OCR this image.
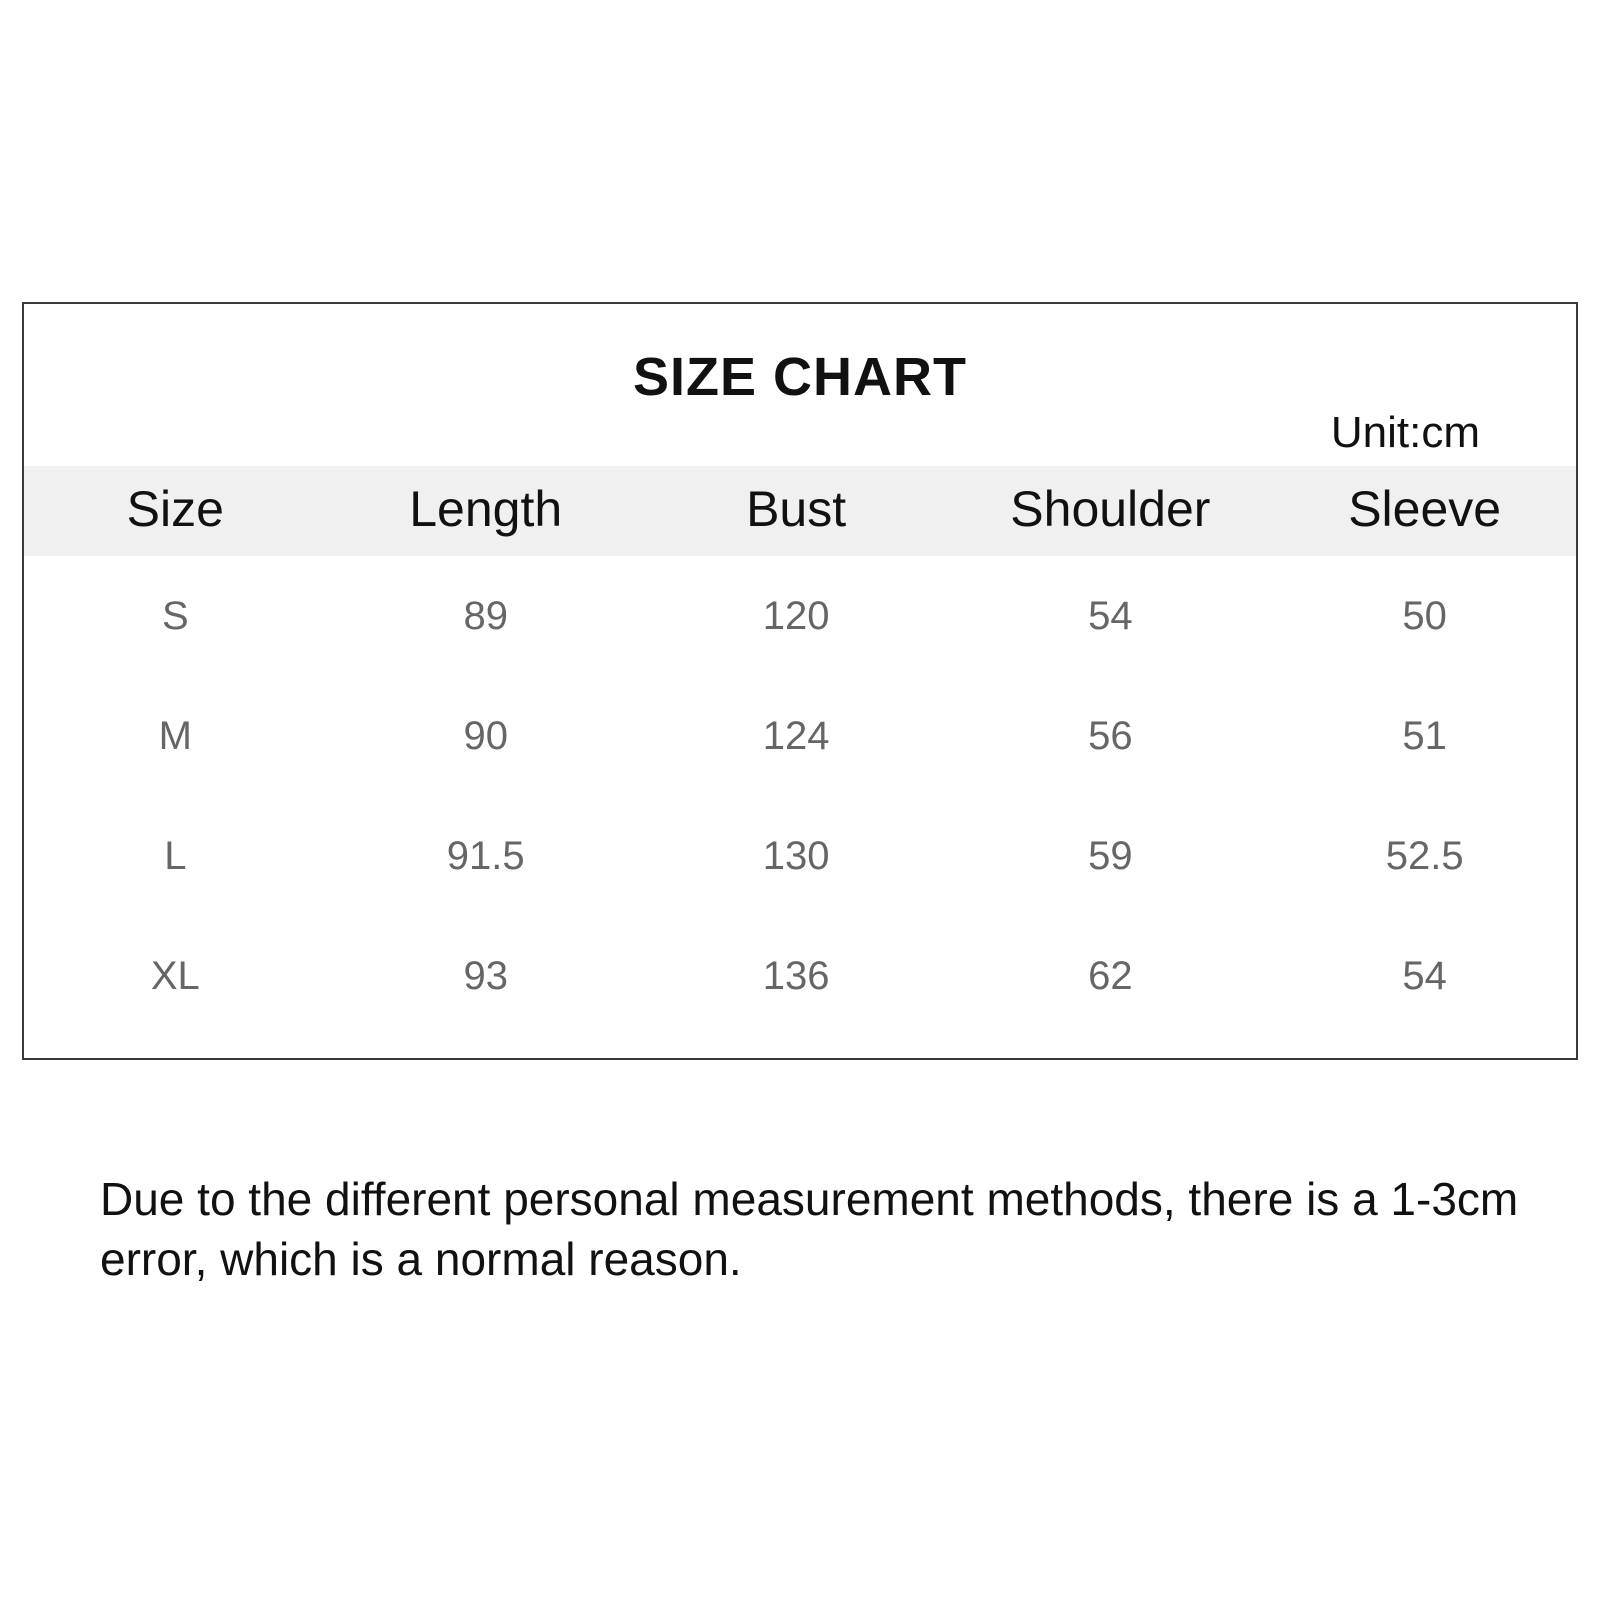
SIZE CHART
Unit:cm
Size	Length	Bust	Shoulder	Sleeve
S	89	120	54	50
M	90	124	56	51
L	91.5	130	59	52.5
XL	93	136	62	54
Due to the different personal measurement methods, there is a 1-3cm error, which is a normal reason.
